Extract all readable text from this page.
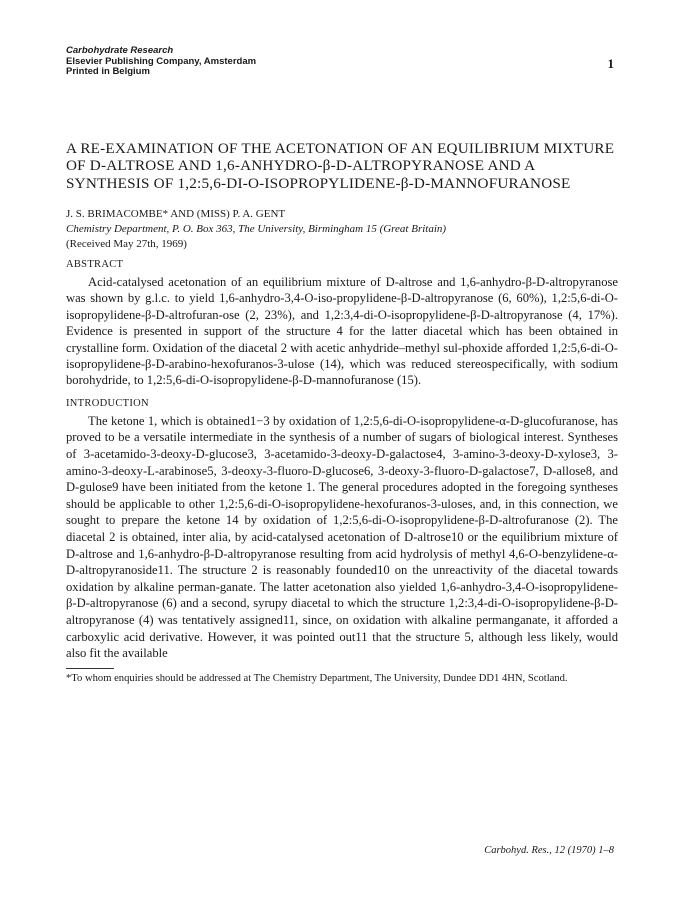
Carbohydrate Research
Elsevier Publishing Company, Amsterdam
Printed in Belgium
1
A RE-EXAMINATION OF THE ACETONATION OF AN EQUILIBRIUM MIXTURE OF D-ALTROSE AND 1,6-ANHYDRO-β-D-ALTROPYRANOSE AND A SYNTHESIS OF 1,2:5,6-DI-O-ISOPROPYLIDENE-β-D-MANNOFURANOSE
J. S. BRIMACOMBE* AND (MISS) P. A. GENT
Chemistry Department, P. O. Box 363, The University, Birmingham 15 (Great Britain)
(Received May 27th, 1969)
ABSTRACT
Acid-catalysed acetonation of an equilibrium mixture of D-altrose and 1,6-anhydro-β-D-altropyranose was shown by g.l.c. to yield 1,6-anhydro-3,4-O-iso-propylidene-β-D-altropyranose (6, 60%), 1,2:5,6-di-O-isopropylidene-β-D-altrofuran-ose (2, 23%), and 1,2:3,4-di-O-isopropylidene-β-D-altropyranose (4, 17%). Evidence is presented in support of the structure 4 for the latter diacetal which has been obtained in crystalline form. Oxidation of the diacetal 2 with acetic anhydride–methyl sul-phoxide afforded 1,2:5,6-di-O-isopropylidene-β-D-arabino-hexofuranos-3-ulose (14), which was reduced stereospecifically, with sodium borohydride, to 1,2:5,6-di-O-isopropylidene-β-D-mannofuranose (15).
INTRODUCTION
The ketone 1, which is obtained1−3 by oxidation of 1,2:5,6-di-O-isopropylidene-α-D-glucofuranose, has proved to be a versatile intermediate in the synthesis of a number of sugars of biological interest. Syntheses of 3-acetamido-3-deoxy-D-glucose3, 3-acetamido-3-deoxy-D-galactose4, 3-amino-3-deoxy-D-xylose3, 3-amino-3-deoxy-L-arabinose5, 3-deoxy-3-fluoro-D-glucose6, 3-deoxy-3-fluoro-D-galactose7, D-allose8, and D-gulose9 have been initiated from the ketone 1. The general procedures adopted in the foregoing syntheses should be applicable to other 1,2:5,6-di-O-isopropylidene-hexofuranos-3-uloses, and, in this connection, we sought to prepare the ketone 14 by oxidation of 1,2:5,6-di-O-isopropylidene-β-D-altrofuranose (2). The diacetal 2 is obtained, inter alia, by acid-catalysed acetonation of D-altrose10 or the equilibrium mixture of D-altrose and 1,6-anhydro-β-D-altropyranose resulting from acid hydrolysis of methyl 4,6-O-benzylidene-α-D-altropyranoside11. The structure 2 is reasonably founded10 on the unreactivity of the diacetal towards oxidation by alkaline perman-ganate. The latter acetonation also yielded 1,6-anhydro-3,4-O-isopropylidene-β-D-altropyranose (6) and a second, syrupy diacetal to which the structure 1,2:3,4-di-O-isopropylidene-β-D-altropyranose (4) was tentatively assigned11, since, on oxidation with alkaline permanganate, it afforded a carboxylic acid derivative. However, it was pointed out11 that the structure 5, although less likely, would also fit the available
*To whom enquiries should be addressed at The Chemistry Department, The University, Dundee DD1 4HN, Scotland.
Carbohyd. Res., 12 (1970) 1–8
